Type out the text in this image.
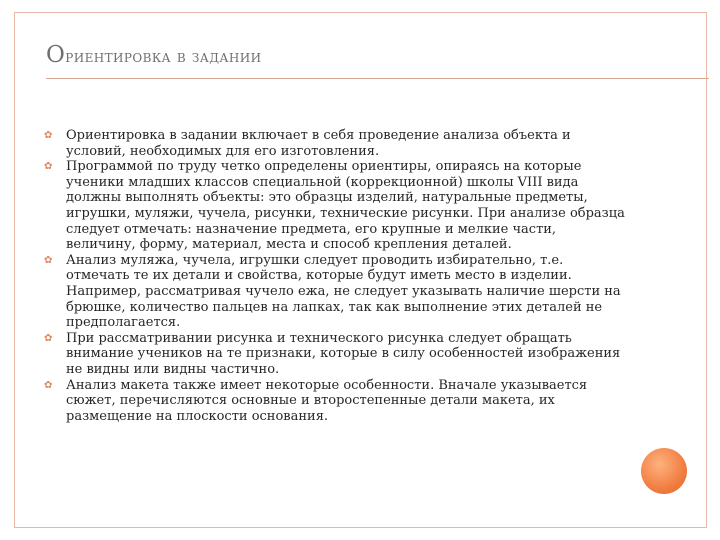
Ориентировка в задании
✿ Ориентировка в задании включает в себя проведение анализа объекта и условий, необходимых для его изготовления.
✿ Программой по труду четко определены ориентиры, опираясь на которые ученики младших классов специальной (коррекционной) школы VIII вида должны выполнять объекты: это образцы изделий, натуральные предметы, игрушки, муляжи, чучела, рисунки, технические рисунки. При анализе образца следует отмечать: назначение предмета, его крупные и мелкие части, величину, форму, материал, места и способ крепления деталей.
✿ Анализ муляжа, чучела, игрушки следует проводить избирательно, т.е. отмечать те их детали и свойства, которые будут иметь место в изделии. Например, рассматривая чучело ежа, не следует указывать наличие шерсти на брюшке, количество пальцев на лапках, так как выполнение этих деталей не предполагается.
✿ При рассматривании рисунка и технического рисунка следует обращать внимание учеников на те признаки, которые в силу особенностей изображения не видны или видны частично.
✿ Анализ макета также имеет некоторые особенности. Вначале указывается сюжет, перечисляются основные и второстепенные детали макета, их размещение на плоскости основания.
